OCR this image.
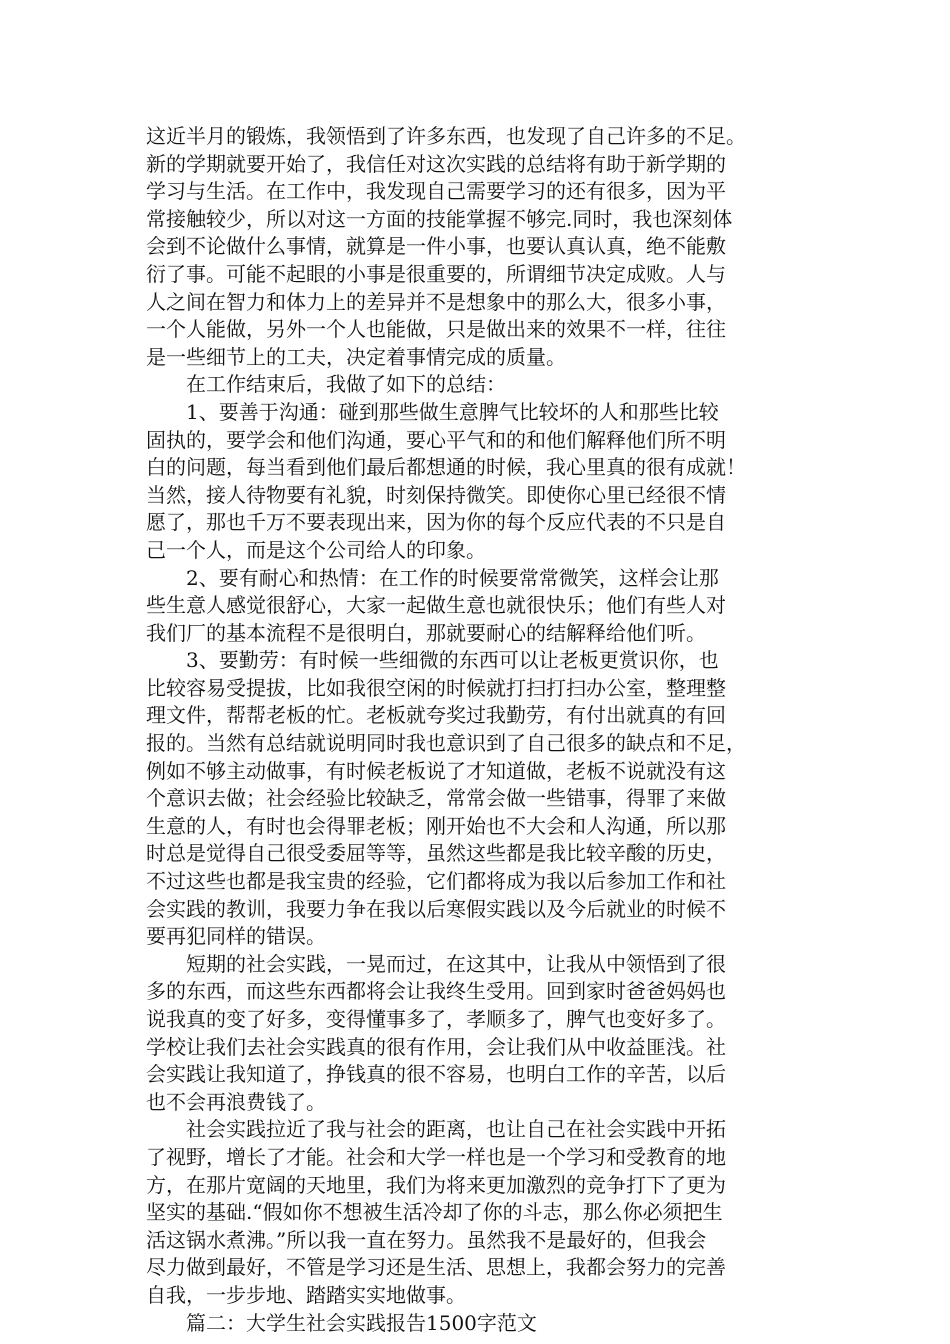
这近半月的锻炼，我领悟到了许多东西，也发现了自己许多的不足。
新的学期就要开始了，我信任对这次实践的总结将有助于新学期的
学习与生活。在工作中，我发现自己需要学习的还有很多，因为平
常接触较少，所以对这一方面的技能掌握不够完.同时，我也深刻体
会到不论做什么事情，就算是一件小事，也要认真认真，绝不能敷
衍了事。可能不起眼的小事是很重要的，所谓细节决定成败。人与
人之间在智力和体力上的差异并不是想象中的那么大，很多小事，
一个人能做，另外一个人也能做，只是做出来的效果不一样，往往
是一些细节上的工夫，决定着事情完成的质量。
在工作结束后，我做了如下的总结：
1、要善于沟通：碰到那些做生意脾气比较坏的人和那些比较
固执的，要学会和他们沟通，要心平气和的和他们解释他们所不明
白的问题，每当看到他们最后都想通的时候，我心里真的很有成就！
当然，接人待物要有礼貌，时刻保持微笑。即使你心里已经很不情
愿了，那也千万不要表现出来，因为你的每个反应代表的不只是自
己一个人，而是这个公司给人的印象。
2、要有耐心和热情：在工作的时候要常常微笑，这样会让那
些生意人感觉很舒心，大家一起做生意也就很快乐；他们有些人对
我们厂的基本流程不是很明白，那就要耐心的结解释给他们听。
3、要勤劳：有时候一些细微的东西可以让老板更赏识你，也
比较容易受提拔，比如我很空闲的时候就打扫打扫办公室，整理整
理文件，帮帮老板的忙。老板就夸奖过我勤劳，有付出就真的有回
报的。当然有总结就说明同时我也意识到了自己很多的缺点和不足，
例如不够主动做事，有时候老板说了才知道做，老板不说就没有这
个意识去做；社会经验比较缺乏，常常会做一些错事，得罪了来做
生意的人，有时也会得罪老板；刚开始也不大会和人沟通，所以那
时总是觉得自己很受委屈等等，虽然这些都是我比较辛酸的历史，
不过这些也都是我宝贵的经验，它们都将成为我以后参加工作和社
会实践的教训，我要力争在我以后寒假实践以及今后就业的时候不
要再犯同样的错误。
短期的社会实践，一晃而过，在这其中，让我从中领悟到了很
多的东西，而这些东西都将会让我终生受用。回到家时爸爸妈妈也
说我真的变了好多，变得懂事多了，孝顺多了，脾气也变好多了。
学校让我们去社会实践真的很有作用，会让我们从中收益匪浅。社
会实践让我知道了，挣钱真的很不容易，也明白工作的辛苦，以后
也不会再浪费钱了。
社会实践拉近了我与社会的距离，也让自己在社会实践中开拓
了视野，增长了才能。社会和大学一样也是一个学习和受教育的地
方，在那片宽阔的天地里，我们为将来更加激烈的竞争打下了更为
坚实的基础.“假如你不想被生活冷却了你的斗志，那么你必须把生
活这锅水煮沸。”所以我一直在努力。虽然我不是最好的，但我会
尽力做到最好，不管是学习还是生活、思想上，我都会努力的完善
自我，一步步地、踏踏实实地做事。
篇二：大学生社会实践报告1500字范文
